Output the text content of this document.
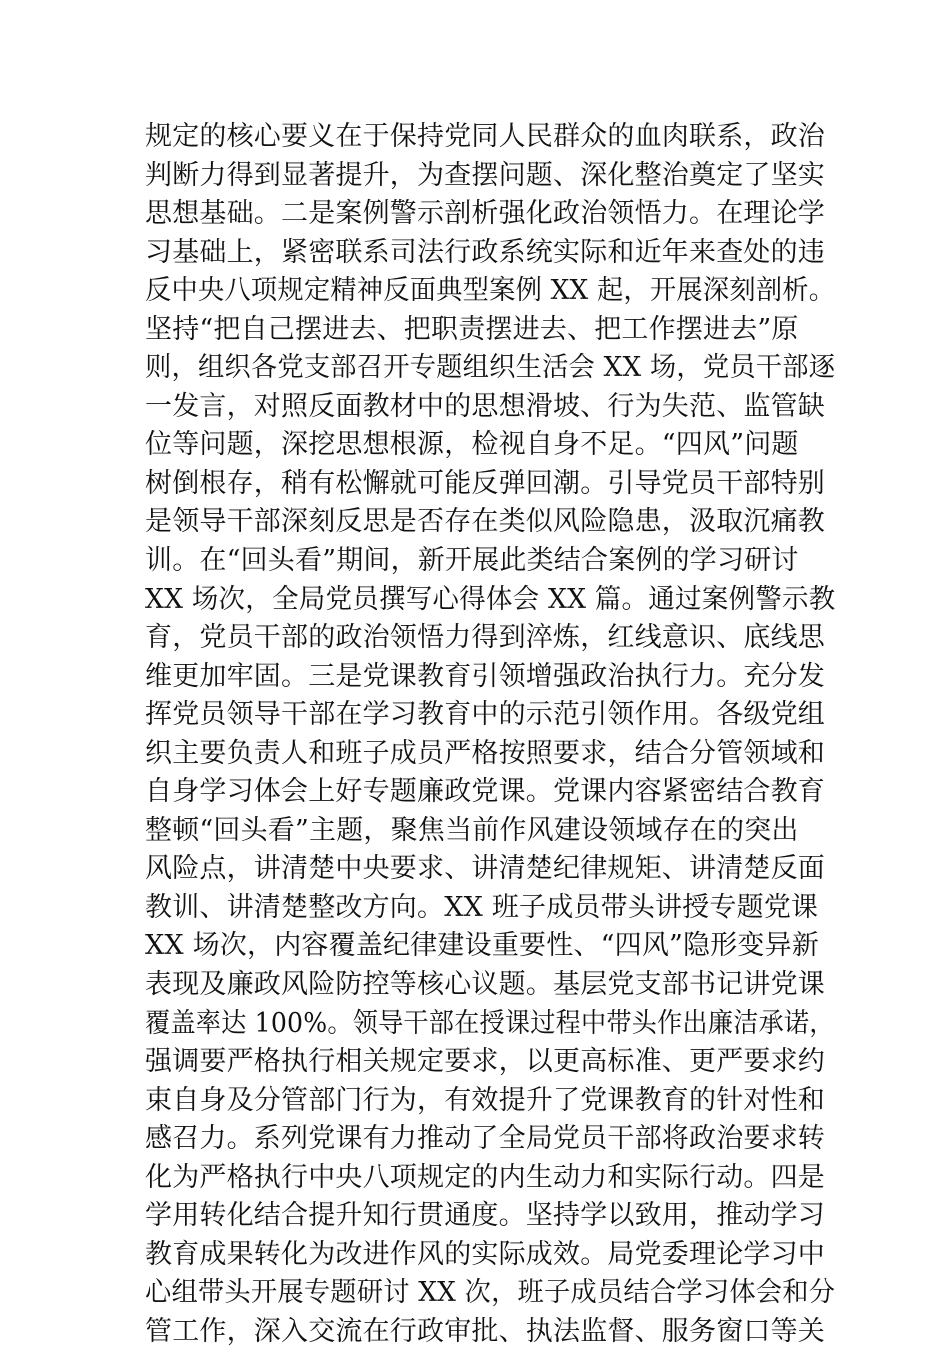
规定的核心要义在于保持党同人民群众的血肉联系，政治
判断力得到显著提升，为查摆问题、深化整治奠定了坚实
思想基础。二是案例警示剖析强化政治领悟力。在理论学
习基础上，紧密联系司法行政系统实际和近年来查处的违
反中央八项规定精神反面典型案例 XX 起，开展深刻剖析。
坚持“把自己摆进去、把职责摆进去、把工作摆进去”原
则，组织各党支部召开专题组织生活会 XX 场，党员干部逐
一发言，对照反面教材中的思想滑坡、行为失范、监管缺
位等问题，深挖思想根源，检视自身不足。“四风”问题
树倒根存，稍有松懈就可能反弹回潮。引导党员干部特别
是领导干部深刻反思是否存在类似风险隐患，汲取沉痛教
训。在“回头看”期间，新开展此类结合案例的学习研讨
XX 场次，全局党员撰写心得体会 XX 篇。通过案例警示教
育，党员干部的政治领悟力得到淬炼，红线意识、底线思
维更加牢固。三是党课教育引领增强政治执行力。充分发
挥党员领导干部在学习教育中的示范引领作用。各级党组
织主要负责人和班子成员严格按照要求，结合分管领域和
自身学习体会上好专题廉政党课。党课内容紧密结合教育
整顿“回头看”主题，聚焦当前作风建设领域存在的突出
风险点，讲清楚中央要求、讲清楚纪律规矩、讲清楚反面
教训、讲清楚整改方向。XX 班子成员带头讲授专题党课
XX 场次，内容覆盖纪律建设重要性、“四风”隐形变异新
表现及廉政风险防控等核心议题。基层党支部书记讲党课
覆盖率达 100%。领导干部在授课过程中带头作出廉洁承诺，
强调要严格执行相关规定要求，以更高标准、更严要求约
束自身及分管部门行为，有效提升了党课教育的针对性和
感召力。系列党课有力推动了全局党员干部将政治要求转
化为严格执行中央八项规定的内生动力和实际行动。四是
学用转化结合提升知行贯通度。坚持学以致用，推动学习
教育成果转化为改进作风的实际成效。局党委理论学习中
心组带头开展专题研讨 XX 次，班子成员结合学习体会和分
管工作，深入交流在行政审批、执法监督、服务窗口等关
